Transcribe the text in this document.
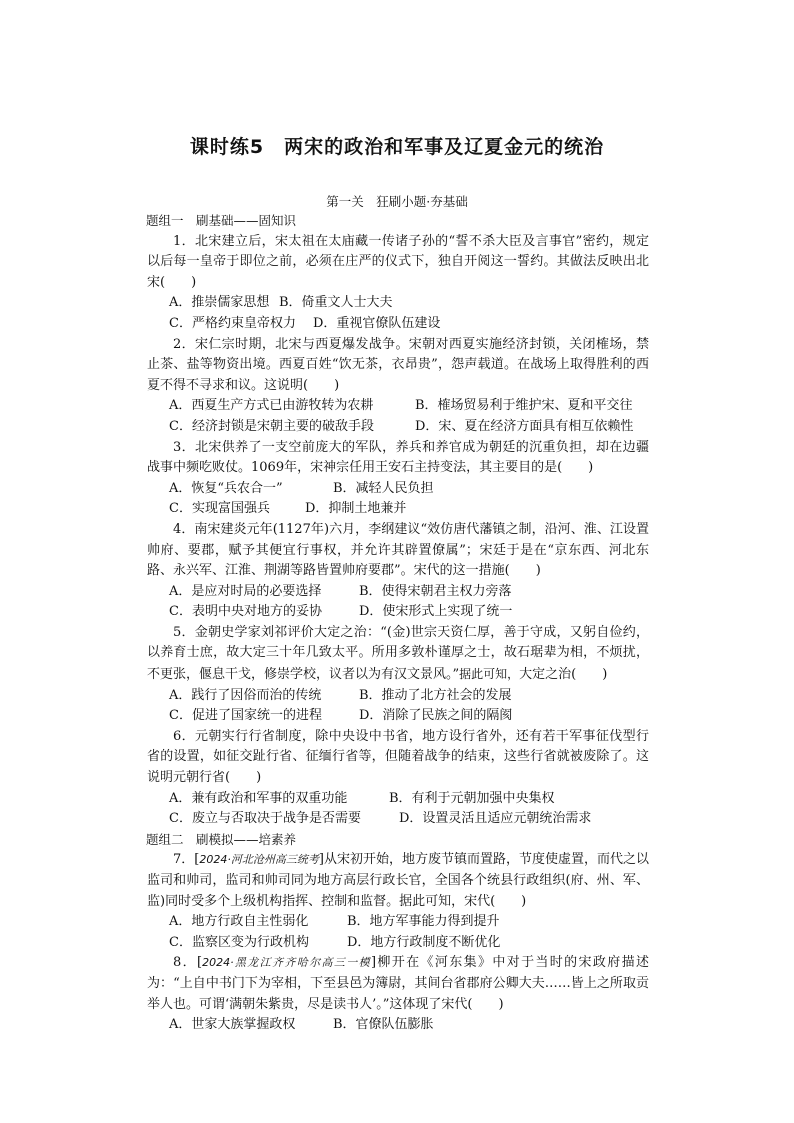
课时练5　两宋的政治和军事及辽夏金元的统治
第一关　狂刷小题·夯基础
题组一　刷基础——固知识
1．北宋建立后，宋太祖在太庙藏一传诸子孙的“誓不杀大臣及言事官”密约，规定以后每一皇帝于即位之前，必须在庄严的仪式下，独自开阅这一誓约。其做法反映出北宋(　　)
A．推崇儒家思想 B．倚重文人士大夫
C．严格约束皇帝权力 D．重视官僚队伍建设
2．宋仁宗时期，北宋与西夏爆发战争。宋朝对西夏实施经济封锁，关闭榷场，禁止茶、盐等物资出境。西夏百姓“饮无茶，衣昂贵”，怨声载道。在战场上取得胜利的西夏不得不寻求和议。这说明(　　)
A．西夏生产方式已由游牧转为农耕	B．榷场贸易利于维护宋、夏和平交往
C．经济封锁是宋朝主要的破敌手段	D．宋、夏在经济方面具有相互依赖性
3．北宋供养了一支空前庞大的军队，养兵和养官成为朝廷的沉重负担，却在边疆战事中频吃败仗。1069年，宋神宗任用王安石主持变法，其主要目的是(　　)
A．恢复“兵农合一”	B．减轻人民负担
C．实现富国强兵	D．抑制土地兼并
4．南宋建炎元年(1127年)六月，李纲建议“效仿唐代藩镇之制，沿河、淮、江设置帅府、要郡，赋予其便宜行事权，并允许其辟置僚属”；宋廷于是在“京东西、河北东路、永兴军、江淮、荆湖等路皆置帅府要郡”。宋代的这一措施(　　)
A．是应对时局的必要选择	B．使得宋朝君主权力旁落
C．表明中央对地方的妥协	D．使宋形式上实现了统一
5．金朝史学家刘祁评价大定之治：“(金)世宗天资仁厚，善于守成，又躬自俭约，以养育士庶，故大定三十年几致太平。所用多敦朴谨厚之士，故石琚辈为相，不烦扰，不更张，偃息干戈，修崇学校，议者以为有汉文景风。”据此可知，大定之治(　　)
A．践行了因俗而治的传统	B．推动了北方社会的发展
C．促进了国家统一的进程	D．消除了民族之间的隔阂
6．元朝实行行省制度，除中央设中书省，地方设行省外，还有若干军事征伐型行省的设置，如征交趾行省、征缅行省等，但随着战争的结束，这些行省就被废除了。这说明元朝行省(　　)
A．兼有政治和军事的双重功能	B．有利于元朝加强中央集权
C．废立与否取决于战争是否需要	D．设置灵活且适应元朝统治需求
题组二　刷模拟——培素养
7．[2024·河北沧州高三统考]从宋初开始，地方废节镇而置路，节度使虚置，而代之以监司和帅司，监司和帅司同为地方高层行政长官，全国各个统县行政组织(府、州、军、监)同时受多个上级机构指挥、控制和监督。据此可知，宋代(　　)
A．地方行政自主性弱化	B．地方军事能力得到提升
C．监察区变为行政机构	D．地方行政制度不断优化
8．[2024·黑龙江齐齐哈尔高三一模]柳开在《河东集》中对于当时的宋政府描述为：“上自中书门下为宰相，下至县邑为簿尉，其间台省郡府公卿大夫……皆上之所取贡举人也。可谓‘满朝朱紫贵，尽是读书人’。”这体现了宋代(　　)
A．世家大族掌握政权	B．官僚队伍膨胀
